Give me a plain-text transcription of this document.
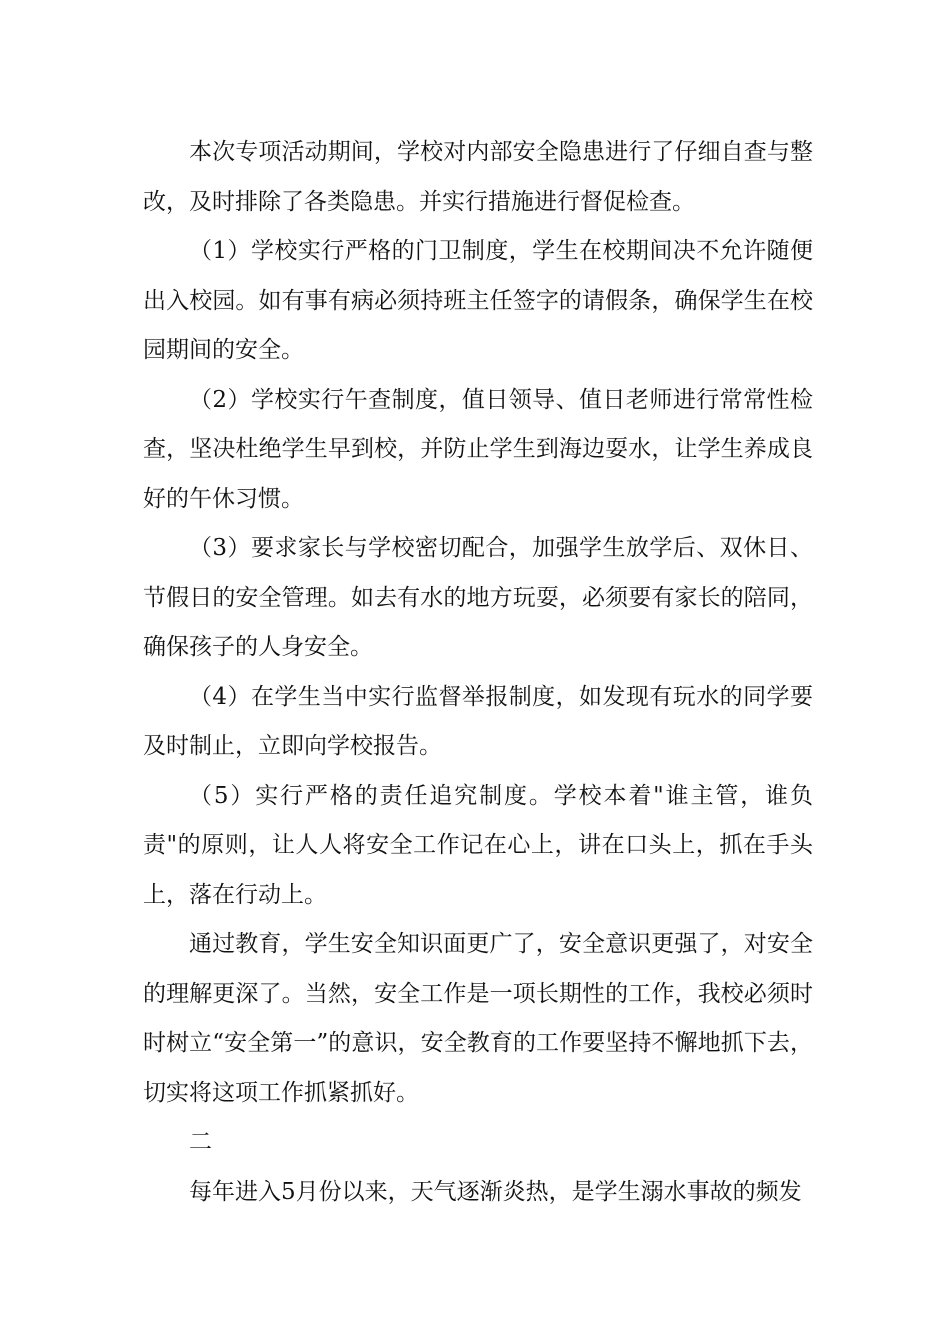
本次专项活动期间，学校对内部安全隐患进行了仔细自查与整改，及时排除了各类隐患。并实行措施进行督促检查。

（1）学校实行严格的门卫制度，学生在校期间决不允许随便出入校园。如有事有病必须持班主任签字的请假条，确保学生在校园期间的安全。

（2）学校实行午查制度，值日领导、值日老师进行常常性检查，坚决杜绝学生早到校，并防止学生到海边耍水，让学生养成良好的午休习惯。

（3）要求家长与学校密切配合，加强学生放学后、双休日、节假日的安全管理。如去有水的地方玩耍，必须要有家长的陪同，确保孩子的人身安全。

（4）在学生当中实行监督举报制度，如发现有玩水的同学要及时制止，立即向学校报告。

（5）实行严格的责任追究制度。学校本着"谁主管，谁负责"的原则，让人人将安全工作记在心上，讲在口头上，抓在手头上，落在行动上。

通过教育，学生安全知识面更广了，安全意识更强了，对安全的理解更深了。当然，安全工作是一项长期性的工作，我校必须时时树立“安全第一”的意识，安全教育的工作要坚持不懈地抓下去，切实将这项工作抓紧抓好。

二

每年进入5月份以来，天气逐渐炎热，是学生溺水事故的频发
